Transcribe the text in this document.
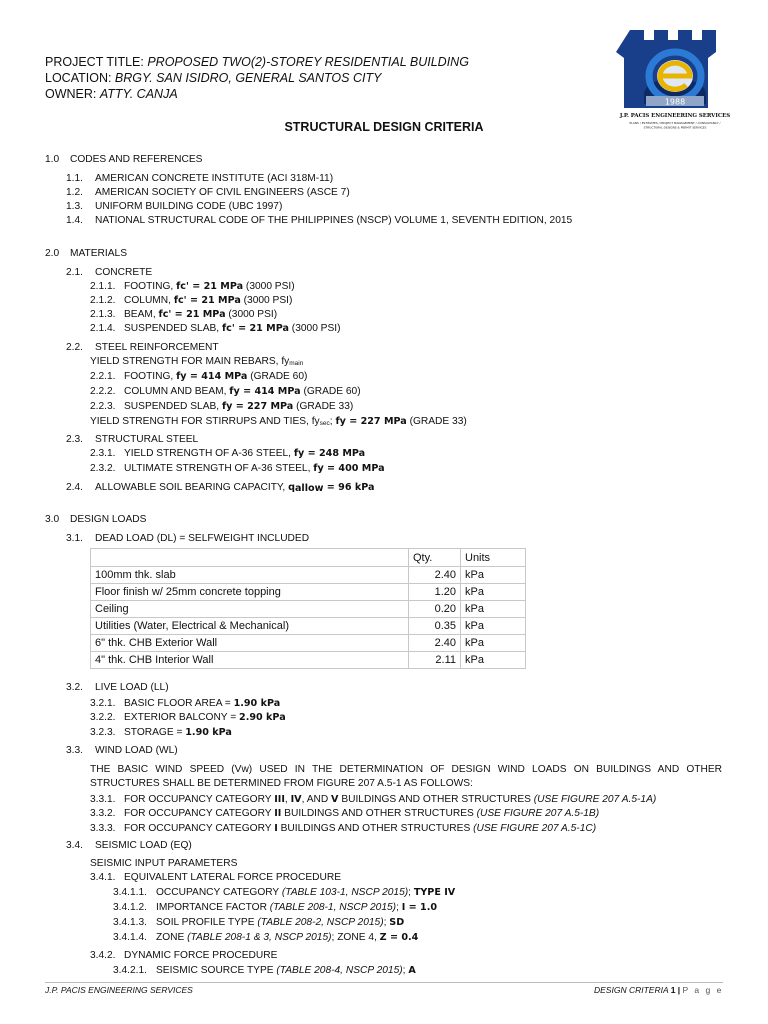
PROJECT TITLE: PROPOSED TWO(2)-STOREY RESIDENTIAL BUILDING
LOCATION: BRGY. SAN ISIDRO, GENERAL SANTOS CITY
OWNER: ATTY. CANJA
1988
J.P. PACIS ENGINEERING SERVICES
PLANS / ESTIMATES / PROJECT MANAGEMENT / CONSULTANCY /
STRUCTURAL DESIGNS & PERMIT SERVICES
STRUCTURAL DESIGN CRITERIA
1.0 CODES AND REFERENCES
1.1. AMERICAN CONCRETE INSTITUTE (ACI 318M-11)
1.2. AMERICAN SOCIETY OF CIVIL ENGINEERS (ASCE 7)
1.3. UNIFORM BUILDING CODE (UBC 1997)
1.4. NATIONAL STRUCTURAL CODE OF THE PHILIPPINES (NSCP) VOLUME 1, SEVENTH EDITION, 2015
2.0 MATERIALS
2.1. CONCRETE
2.1.1. FOOTING, fc' = 21 MPa (3000 PSI)
2.1.2. COLUMN, fc' = 21 MPa (3000 PSI)
2.1.3. BEAM, fc' = 21 MPa (3000 PSI)
2.1.4. SUSPENDED SLAB, fc' = 21 MPa (3000 PSI)
2.2. STEEL REINFORCEMENT
YIELD STRENGTH FOR MAIN REBARS, fymain
2.2.1. FOOTING, fy = 414 MPa (GRADE 60)
2.2.2. COLUMN AND BEAM, fy = 414 MPa (GRADE 60)
2.2.3. SUSPENDED SLAB, fy = 227 MPa (GRADE 33)
YIELD STRENGTH FOR STIRRUPS AND TIES, fysec; fy = 227 MPa (GRADE 33)
2.3. STRUCTURAL STEEL
2.3.1. YIELD STRENGTH OF A-36 STEEL, fy = 248 MPa
2.3.2. ULTIMATE STRENGTH OF A-36 STEEL, fy = 400 MPa
2.4. ALLOWABLE SOIL BEARING CAPACITY, qallow = 96 kPa
3.0 DESIGN LOADS
3.1. DEAD LOAD (DL) = SELFWEIGHT INCLUDED
	Qty.	Units
100mm thk. slab	2.40	kPa
Floor finish w/ 25mm concrete topping	1.20	kPa
Ceiling	0.20	kPa
Utilities (Water, Electrical & Mechanical)	0.35	kPa
6" thk. CHB Exterior Wall	2.40	kPa
4" thk. CHB Interior Wall	2.11	kPa
3.2. LIVE LOAD (LL)
3.2.1. BASIC FLOOR AREA = 1.90 kPa
3.2.2. EXTERIOR BALCONY = 2.90 kPa
3.2.3. STORAGE = 1.90 kPa
3.3. WIND LOAD (WL)
THE BASIC WIND SPEED (Vw) USED IN THE DETERMINATION OF DESIGN WIND LOADS ON BUILDINGS AND OTHER STRUCTURES SHALL BE DETERMINED FROM FIGURE 207 A.5-1 AS FOLLOWS:
3.3.1. FOR OCCUPANCY CATEGORY III, IV, AND V BUILDINGS AND OTHER STRUCTURES (USE FIGURE 207 A.5-1A)
3.3.2. FOR OCCUPANCY CATEGORY II BUILDINGS AND OTHER STRUCTURES (USE FIGURE 207 A.5-1B)
3.3.3. FOR OCCUPANCY CATEGORY I BUILDINGS AND OTHER STRUCTURES (USE FIGURE 207 A.5-1C)
3.4. SEISMIC LOAD (EQ)
SEISMIC INPUT PARAMETERS
3.4.1. EQUIVALENT LATERAL FORCE PROCEDURE
3.4.1.1. OCCUPANCY CATEGORY (TABLE 103-1, NSCP 2015); TYPE IV
3.4.1.2. IMPORTANCE FACTOR (TABLE 208-1, NSCP 2015); I = 1.0
3.4.1.3. SOIL PROFILE TYPE (TABLE 208-2, NSCP 2015); SD
3.4.1.4. ZONE (TABLE 208-1 & 3, NSCP 2015); ZONE 4, Z = 0.4
3.4.2. DYNAMIC FORCE PROCEDURE
3.4.2.1. SEISMIC SOURCE TYPE (TABLE 208-4, NSCP 2015); A
J.P. PACIS ENGINEERING SERVICES	DESIGN CRITERIA 1 | P a g e
